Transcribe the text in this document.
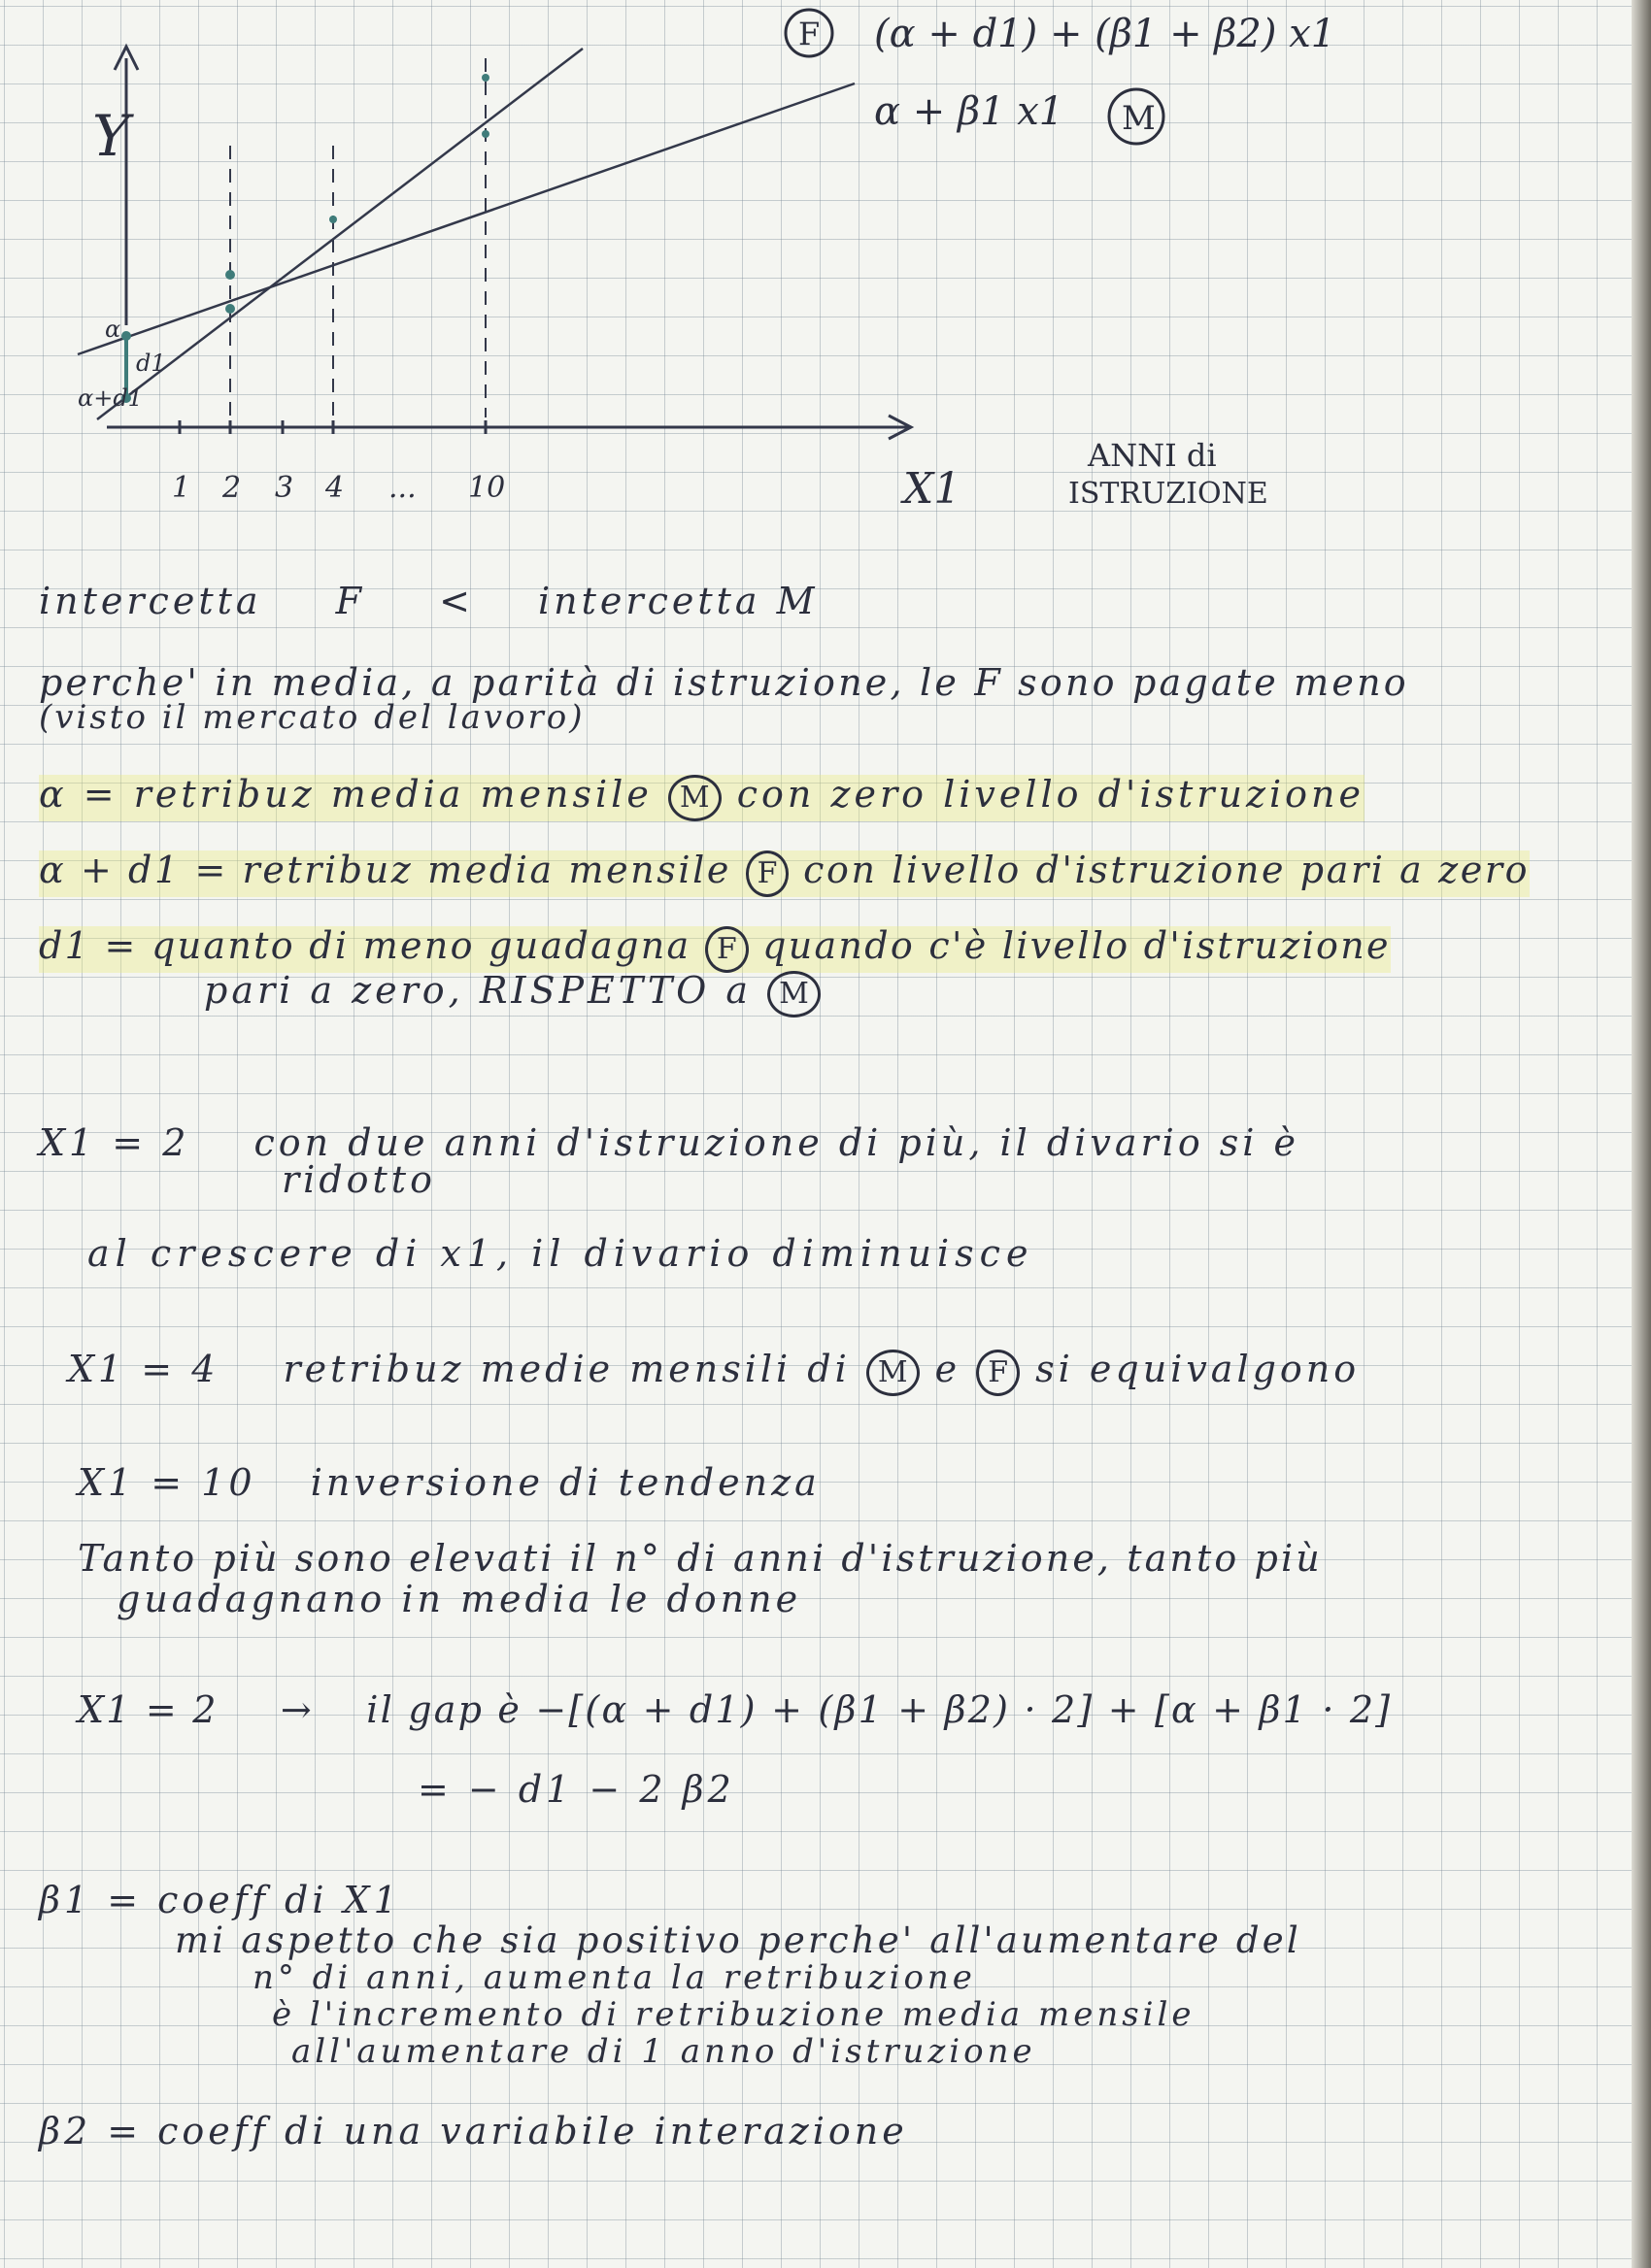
Y
α
d1
α+d1
1 2 3 4 ... 10	X1
ANNI di
ISTRUZIONE
F (α + d1) + (β1 + β2) x1
α + β1 x1 M
intercetta F < intercetta M
perche' in media, a parità di istruzione, le F sono pagate meno
(visto il mercato del lavoro)
α = retribuz media mensile M con zero livello d'istruzione
α + d1 = retribuz media mensile F con livello d'istruzione pari a zero
d1 = quanto di meno guadagna F quando c'è livello d'istruzione
pari a zero, RISPETTO a M
X1 = 2 con due anni d'istruzione di più, il divario si è
ridotto
al crescere di x1, il divario diminuisce
X1 = 4 retribuz medie mensili di M e F si equivalgono
X1 = 10 inversione di tendenza
Tanto più sono elevati il n° di anni d'istruzione, tanto più
guadagnano in media le donne
X1 = 2 → il gap è −[(α + d1) + (β1 + β2) · 2] + [α + β1 · 2]
= − d1 − 2 β2
β1 = coeff di X1
mi aspetto che sia positivo perche' all'aumentare del
n° di anni, aumenta la retribuzione
è l'incremento di retribuzione media mensile
all'aumentare di 1 anno d'istruzione
β2 = coeff di una variabile interazione
